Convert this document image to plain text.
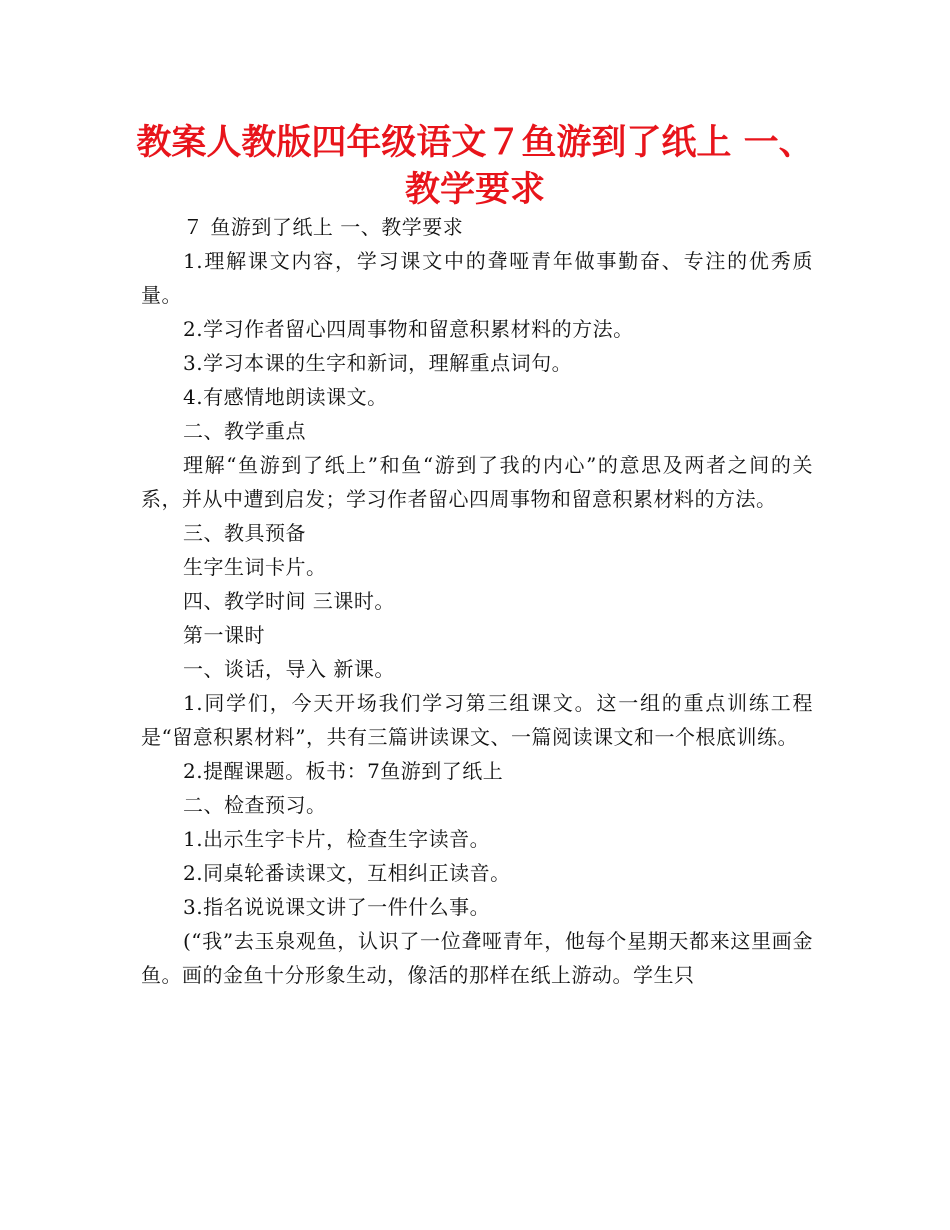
教案人教版四年级语文７鱼游到了纸上 一、教学要求

７ 鱼游到了纸上 一、教学要求

1.理解课文内容，学习课文中的聋哑青年做事勤奋、专注的优秀质量。

2.学习作者留心四周事物和留意积累材料的方法。

3.学习本课的生字和新词，理解重点词句。

4.有感情地朗读课文。

二、教学重点

理解“鱼游到了纸上”和鱼“游到了我的内心”的意思及两者之间的关系，并从中遭到启发；学习作者留心四周事物和留意积累材料的方法。

三、教具预备

生字生词卡片。

四、教学时间 三课时。

第一课时

一、谈话，导入 新课。

1.同学们，今天开场我们学习第三组课文。这一组的重点训练工程是“留意积累材料”，共有三篇讲读课文、一篇阅读课文和一个根底训练。

2.提醒课题。板书：7鱼游到了纸上

二、检查预习。

1.出示生字卡片，检查生字读音。

2.同桌轮番读课文，互相纠正读音。

3.指名说说课文讲了一件什么事。

(“我”去玉泉观鱼，认识了一位聋哑青年，他每个星期天都来这里画金鱼。画的金鱼十分形象生动，像活的那样在纸上游动。学生只
